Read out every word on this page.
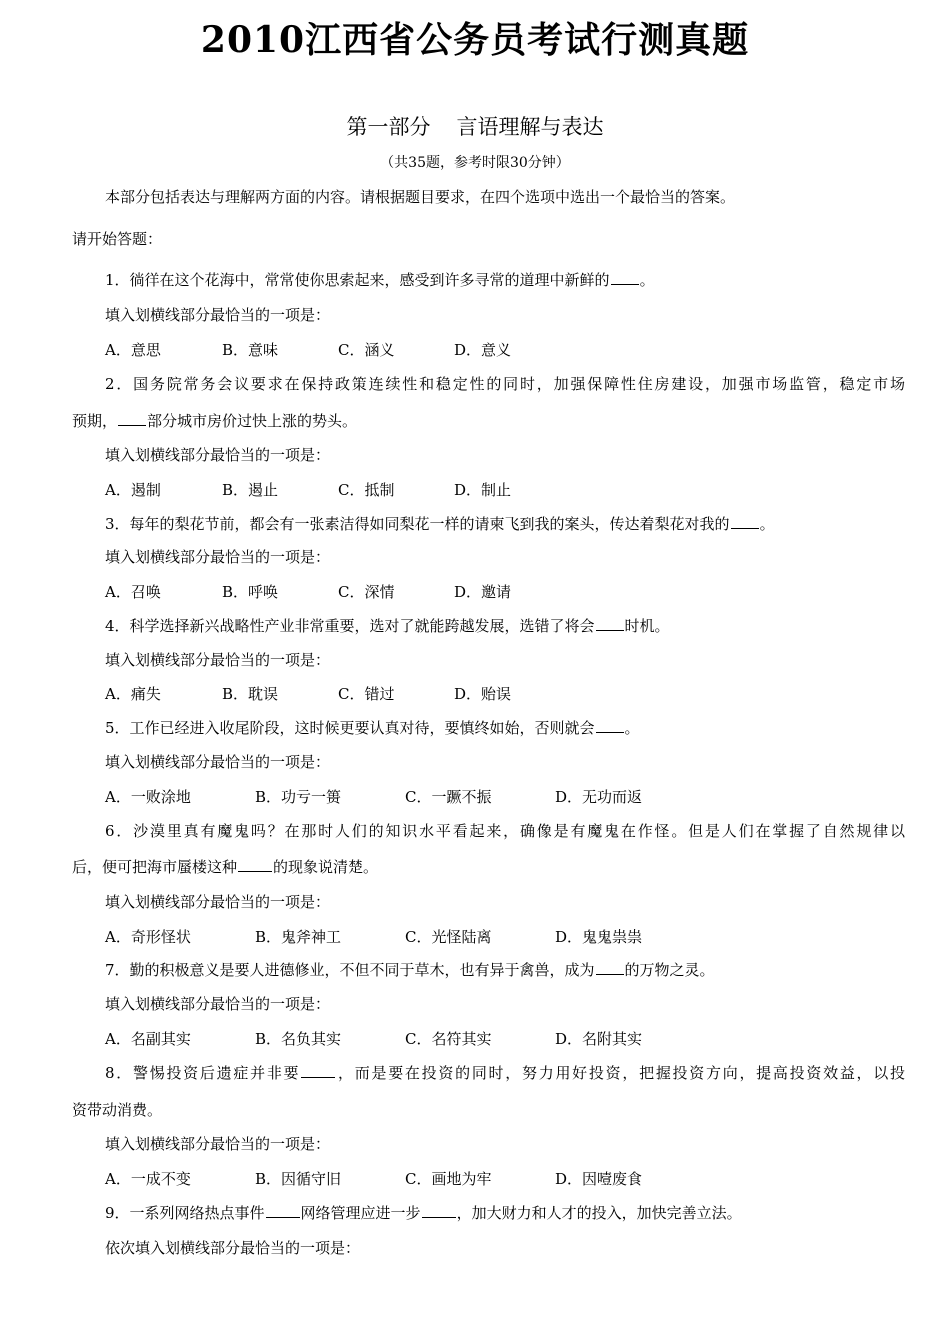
2010江西省公务员考试行测真题
第一部分 言语理解与表达
（共35题，参考时限30分钟）
本部分包括表达与理解两方面的内容。请根据题目要求，在四个选项中选出一个最恰当的答案。
请开始答题：
1．徜徉在这个花海中，常常使你思索起来，感受到许多寻常的道理中新鲜的 。
填入划横线部分最恰当的一项是：
A．意思	B．意味	C．涵义	D．意义
2．国务院常务会议要求在保持政策连续性和稳定性的同时，加强保障性住房建设，加强市场监管，稳定市场
预期， 部分城市房价过快上涨的势头。
填入划横线部分最恰当的一项是：
A．遏制	B．遏止	C．抵制	D．制止
3．每年的梨花节前，都会有一张素洁得如同梨花一样的请柬飞到我的案头，传达着梨花对我的 。
填入划横线部分最恰当的一项是：
A．召唤	B．呼唤	C．深情	D．邀请
4．科学选择新兴战略性产业非常重要，选对了就能跨越发展，选错了将会 时机。
填入划横线部分最恰当的一项是：
A．痛失	B．耽误	C．错过	D．贻误
5．工作已经进入收尾阶段，这时候更要认真对待，要慎终如始，否则就会 。
填入划横线部分最恰当的一项是：
A．一败涂地	B．功亏一篑	C．一蹶不振	D．无功而返
6．沙漠里真有魔鬼吗？在那时人们的知识水平看起来，确像是有魔鬼在作怪。但是人们在掌握了自然规律以
后，便可把海市蜃楼这种 的现象说清楚。
填入划横线部分最恰当的一项是：
A．奇形怪状	B．鬼斧神工	C．光怪陆离	D．鬼鬼祟祟
7．勤的积极意义是要人进德修业，不但不同于草木，也有异于禽兽，成为 的万物之灵。
填入划横线部分最恰当的一项是：
A．名副其实	B．名负其实	C．名符其实	D．名附其实
8．警惕投资后遗症并非要 ，而是要在投资的同时，努力用好投资，把握投资方向，提高投资效益，以投
资带动消费。
填入划横线部分最恰当的一项是：
A．一成不变	B．因循守旧	C．画地为牢	D．因噎废食
9．一系列网络热点事件 网络管理应进一步 ，加大财力和人才的投入，加快完善立法。
依次填入划横线部分最恰当的一项是：
